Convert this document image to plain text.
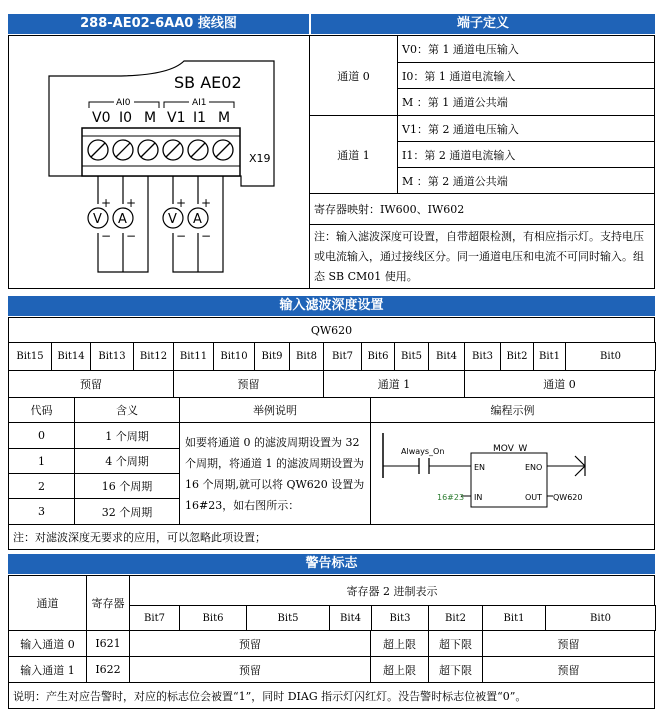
288-AE02-6AA0 接线图	端子定义
SB AE02
AI0	AI1
V0 I0 M V1 I1 M
X19
V A	V A
+ +	+ +
− −	− −
通道 0
通道 1
V0：第 1 通道电压输入
I0：第 1 通道电流输入
M ：第 1 通道公共端
V1：第 2 通道电压输入
I1：第 2 通道电流输入
M ：第 2 通道公共端
寄存器映射：IW600、IW602
注：输入滤波深度可设置，自带超限检测，有相应指示灯。支持电压或电流输入，通过接线区分。同一通道电压和电流不可同时输入。组态 SB CM01 使用。
输入滤波深度设置
QW620
Bit15	Bit14	Bit13	Bit12	Bit11	Bit10	Bit9	Bit8	Bit7	Bit6	Bit5	Bit4	Bit3	Bit2	Bit1	Bit0
预留	预留	通道 1	通道 0
代码	含义	举例说明	编程示例
0	1 个周期
1	4 个周期
2	16 个周期
3	32 个周期
如要将通道 0 的滤波周期设置为 32 个周期，将通道 1 的滤波周期设置为16 个周期,就可以将 QW620 设置为 16#23，如右图所示：
Always_On	MOV_W
EN	ENO
IN	OUT
16#23	QW620
注：对滤波深度无要求的应用，可以忽略此项设置；
警告标志
通道	寄存器
寄存器 2 进制表示
Bit7	Bit6	Bit5	Bit4	Bit3	Bit2	Bit1	Bit0
输入通道 0	I621	预留	超上限	超下限	预留
输入通道 1	I622	预留	超上限	超下限	预留
说明：产生对应告警时，对应的标志位会被置“1”，同时 DIAG 指示灯闪红灯。没告警时标志位被置“0”。
